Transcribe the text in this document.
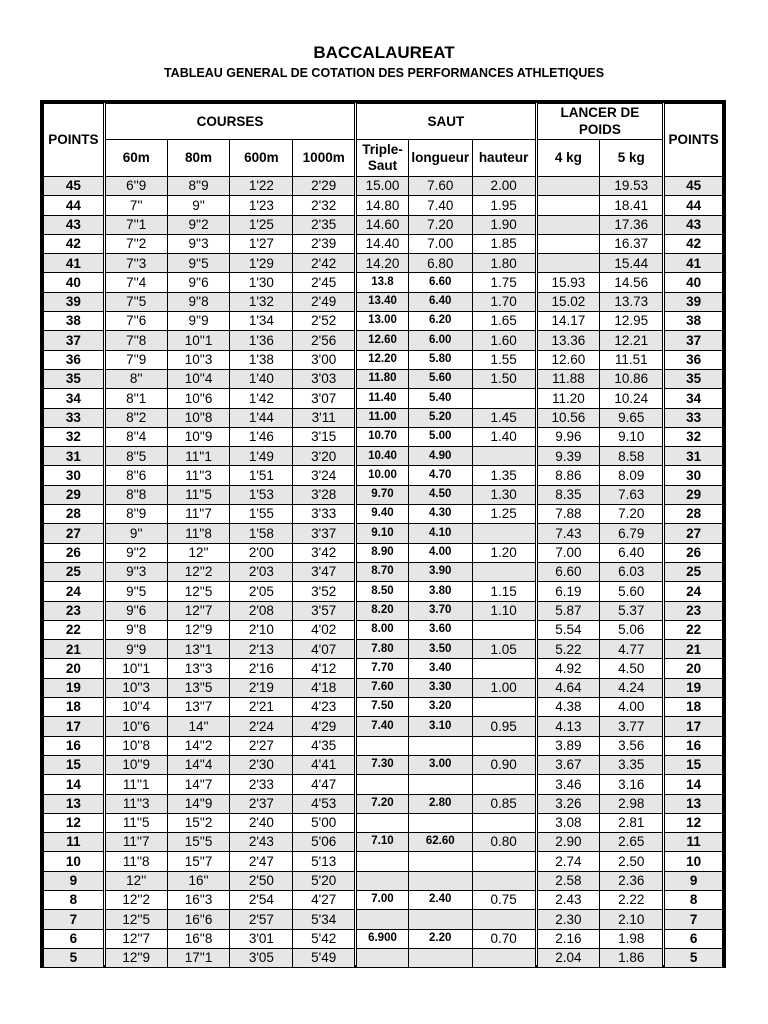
BACCALAUREAT
TABLEAU GENERAL DE COTATION DES PERFORMANCES ATHLETIQUES
POINTS	COURSES				SAUT			LANCER DE POIDS		POINTS
	60m	80m	600m	1000m	Triple-Saut	longueur	hauteur	4 kg	5 kg	
45	6''9	8''9	1'22	2'29	15.00	7.60	2.00		19.53	45
44	7''	9''	1'23	2'32	14.80	7.40	1.95		18.41	44
43	7''1	9''2	1'25	2'35	14.60	7.20	1.90		17.36	43
42	7''2	9''3	1'27	2'39	14.40	7.00	1.85		16.37	42
41	7''3	9''5	1'29	2'42	14.20	6.80	1.80		15.44	41
40	7''4	9''6	1'30	2'45	13.8	6.60	1.75	15.93	14.56	40
39	7''5	9''8	1'32	2'49	13.40	6.40	1.70	15.02	13.73	39
38	7''6	9''9	1'34	2'52	13.00	6.20	1.65	14.17	12.95	38
37	7''8	10''1	1'36	2'56	12.60	6.00	1.60	13.36	12.21	37
36	7''9	10''3	1'38	3'00	12.20	5.80	1.55	12.60	11.51	36
35	8''	10''4	1'40	3'03	11.80	5.60	1.50	11.88	10.86	35
34	8''1	10''6	1'42	3'07	11.40	5.40		11.20	10.24	34
33	8''2	10''8	1'44	3'11	11.00	5.20	1.45	10.56	9.65	33
32	8''4	10''9	1'46	3'15	10.70	5.00	1.40	9.96	9.10	32
31	8''5	11''1	1'49	3'20	10.40	4.90		9.39	8.58	31
30	8''6	11''3	1'51	3'24	10.00	4.70	1.35	8.86	8.09	30
29	8''8	11''5	1'53	3'28	9.70	4.50	1.30	8.35	7.63	29
28	8''9	11''7	1'55	3'33	9.40	4.30	1.25	7.88	7.20	28
27	9''	11''8	1'58	3'37	9.10	4.10		7.43	6.79	27
26	9''2	12''	2'00	3'42	8.90	4.00	1.20	7.00	6.40	26
25	9''3	12''2	2'03	3'47	8.70	3.90		6.60	6.03	25
24	9''5	12''5	2'05	3'52	8.50	3.80	1.15	6.19	5.60	24
23	9''6	12''7	2'08	3'57	8.20	3.70	1.10	5.87	5.37	23
22	9''8	12''9	2'10	4'02	8.00	3.60		5.54	5.06	22
21	9''9	13''1	2'13	4'07	7.80	3.50	1.05	5.22	4.77	21
20	10''1	13''3	2'16	4'12	7.70	3.40		4.92	4.50	20
19	10''3	13''5	2'19	4'18	7.60	3.30	1.00	4.64	4.24	19
18	10''4	13''7	2'21	4'23	7.50	3.20		4.38	4.00	18
17	10''6	14''	2'24	4'29	7.40	3.10	0.95	4.13	3.77	17
16	10''8	14''2	2'27	4'35				3.89	3.56	16
15	10''9	14''4	2'30	4'41	7.30	3.00	0.90	3.67	3.35	15
14	11''1	14''7	2'33	4'47				3.46	3.16	14
13	11''3	14''9	2'37	4'53	7.20	2.80	0.85	3.26	2.98	13
12	11''5	15''2	2'40	5'00				3.08	2.81	12
11	11''7	15''5	2'43	5'06	7.10	62.60	0.80	2.90	2.65	11
10	11''8	15''7	2'47	5'13				2.74	2.50	10
9	12''	16''	2'50	5'20				2.58	2.36	9
8	12''2	16''3	2'54	4'27	7.00	2.40	0.75	2.43	2.22	8
7	12''5	16''6	2'57	5'34				2.30	2.10	7
6	12''7	16''8	3'01	5'42	6.900	2.20	0.70	2.16	1.98	6
5	12''9	17''1	3'05	5'49				2.04	1.86	5
